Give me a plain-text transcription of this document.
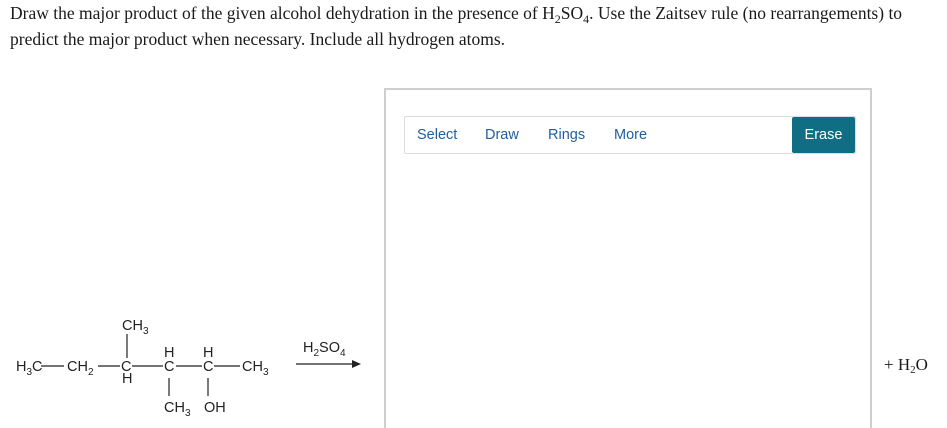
Draw the major product of the given alcohol dehydration in the presence of $H_2SO_4$. Use the Zaitsev rule (no rearrangements) to predict the major product when necessary. Include all hydrogen atoms.
$H_3C$ $CH_2$ C C C $CH_3$
$CH_3$
H
H H
$CH_3$ OH
$H_2SO_4$
Select Draw Rings More	Erase
+ $H_2O$
